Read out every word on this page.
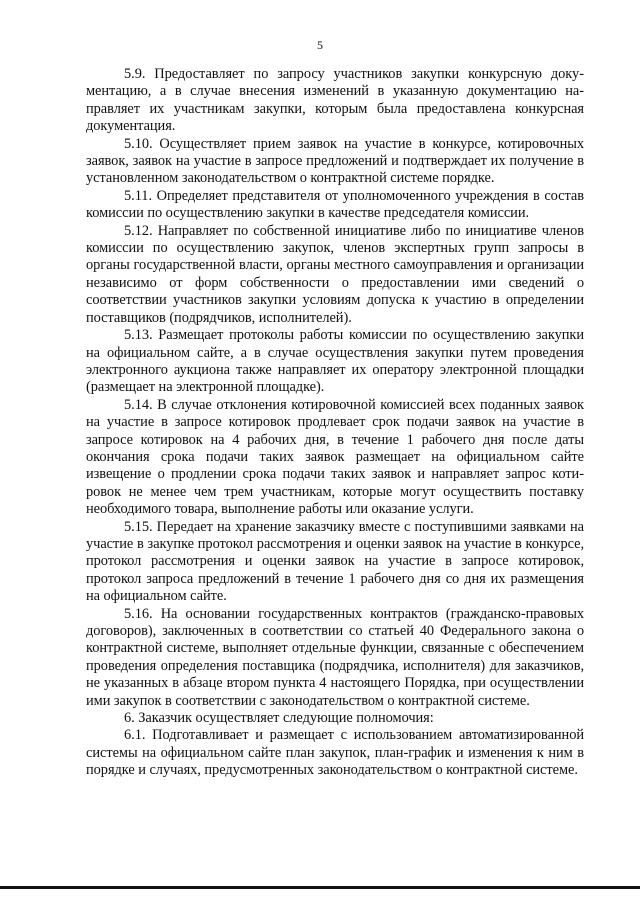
5

5.9. Предоставляет по запросу участников закупки конкурсную документацию, а в случае внесения изменений в указанную документацию направляет их участникам закупки, которым была предоставлена конкурсная документация.

5.10. Осуществляет прием заявок на участие в конкурсе, котировочных заявок, заявок на участие в запросе предложений и подтверждает их получение в установленном законодательством о контрактной системе порядке.

5.11. Определяет представителя от уполномоченного учреждения в состав комиссии по осуществлению закупки в качестве председателя комиссии.

5.12. Направляет по собственной инициативе либо по инициативе членов комиссии по осуществлению закупок, членов экспертных групп запросы в органы государственной власти, органы местного самоуправления и организации независимо от форм собственности о предоставлении ими сведений о соответствии участников закупки условиям допуска к участию в определении поставщиков (подрядчиков, исполнителей).

5.13. Размещает протоколы работы комиссии по осуществлению закупки на официальном сайте, а в случае осуществления закупки путем проведения электронного аукциона также направляет их оператору электронной площадки (размещает на электронной площадке).

5.14. В случае отклонения котировочной комиссией всех поданных заявок на участие в запросе котировок продлевает срок подачи заявок на участие в запросе котировок на 4 рабочих дня, в течение 1 рабочего дня после даты окончания срока подачи таких заявок размещает на официальном сайте извещение о продлении срока подачи таких заявок и направляет запрос котировок не менее чем трем участникам, которые могут осуществить поставку необходимого товара, выполнение работы или оказание услуги.

5.15. Передает на хранение заказчику вместе с поступившими заявками на участие в закупке протокол рассмотрения и оценки заявок на участие в конкурсе, протокол рассмотрения и оценки заявок на участие в запросе котировок, протокол запроса предложений в течение 1 рабочего дня со дня их размещения на официальном сайте.

5.16. На основании государственных контрактов (гражданско-правовых договоров), заключенных в соответствии со статьей 40 Федерального закона о контрактной системе, выполняет отдельные функции, связанные с обеспечением проведения определения поставщика (подрядчика, исполнителя) для заказчиков, не указанных в абзаце втором пункта 4 настоящего Порядка, при осуществлении ими закупок в соответствии с законодательством о контрактной системе.

6. Заказчик осуществляет следующие полномочия:

6.1. Подготавливает и размещает с использованием автоматизированной системы на официальном сайте план закупок, план-график и изменения к ним в порядке и случаях, предусмотренных законодательством о контрактной системе.
